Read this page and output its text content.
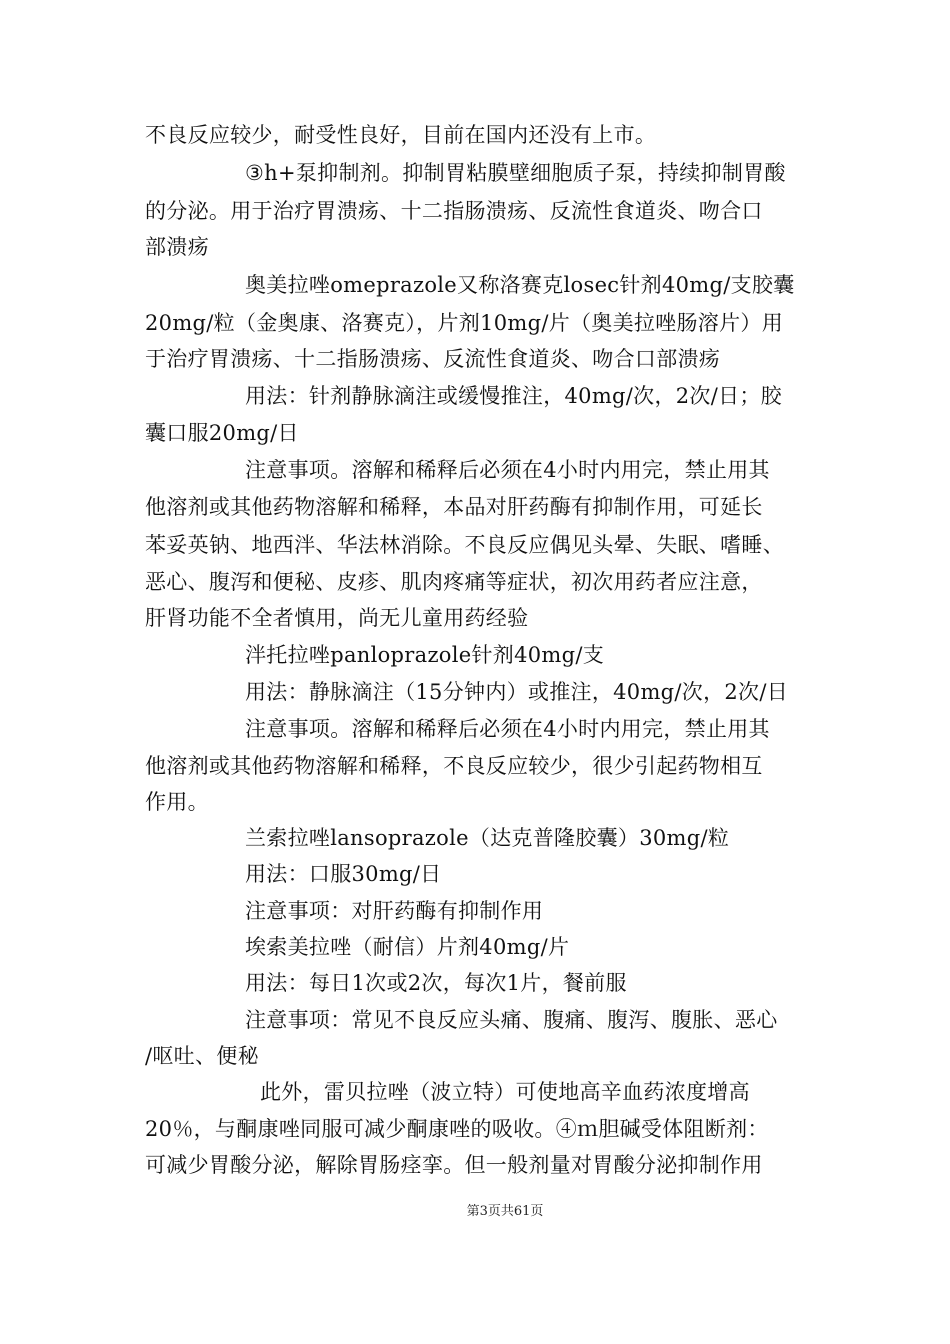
不良反应较少，耐受性良好，目前在国内还没有上市。
③h+泵抑制剂。抑制胃粘膜壁细胞质子泵，持续抑制胃酸
的分泌。用于治疗胃溃疡、十二指肠溃疡、反流性食道炎、吻合口
部溃疡
奥美拉唑omeprazole又称洛赛克losec针剂40mg/支胶囊
20mg/粒（金奥康、洛赛克），片剂10mg/片（奥美拉唑肠溶片）用
于治疗胃溃疡、十二指肠溃疡、反流性食道炎、吻合口部溃疡
用法：针剂静脉滴注或缓慢推注，40mg/次，2次/日；胶
囊口服20mg/日
注意事项。溶解和稀释后必须在4小时内用完，禁止用其
他溶剂或其他药物溶解和稀释，本品对肝药酶有抑制作用，可延长
苯妥英钠、地西泮、华法林消除。不良反应偶见头晕、失眠、嗜睡、
恶心、腹泻和便秘、皮疹、肌肉疼痛等症状，初次用药者应注意，
肝肾功能不全者慎用，尚无儿童用药经验
泮托拉唑panloprazole针剂40mg/支
用法：静脉滴注（15分钟内）或推注，40mg/次，2次/日
注意事项。溶解和稀释后必须在4小时内用完，禁止用其
他溶剂或其他药物溶解和稀释，不良反应较少，很少引起药物相互
作用。
兰索拉唑lansoprazole（达克普隆胶囊）30mg/粒
用法：口服30mg/日
注意事项：对肝药酶有抑制作用
埃索美拉唑（耐信）片剂40mg/片
用法：每日1次或2次，每次1片，餐前服
注意事项：常见不良反应头痛、腹痛、腹泻、腹胀、恶心
/呕吐、便秘
此外，雷贝拉唑（波立特）可使地高辛血药浓度增高
20％，与酮康唑同服可减少酮康唑的吸收。④ｍ胆碱受体阻断剂：
可减少胃酸分泌，解除胃肠痉挛。但一般剂量对胃酸分泌抑制作用
第3页共61页
